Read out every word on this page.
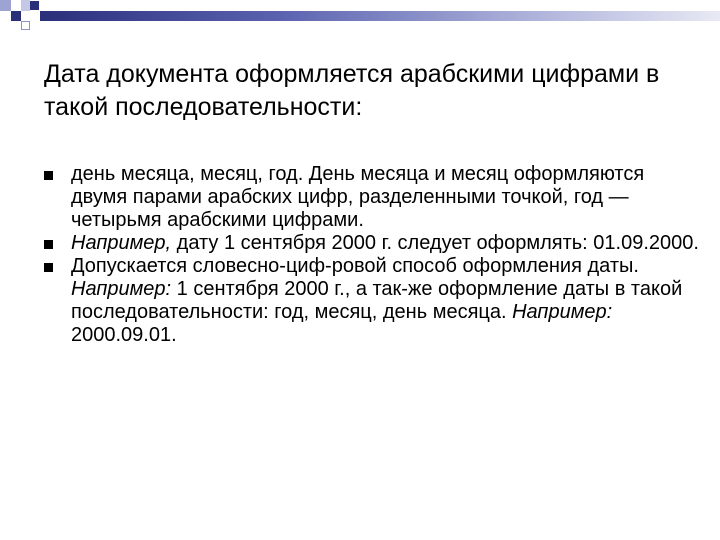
Дата документа оформляется арабскими цифрами в такой последовательности:
день месяца, месяц, год. День месяца и месяц оформляются двумя парами арабских цифр, разделенными точкой, год — четырьмя арабскими цифрами.
Например, дату 1 сентября 2000 г. следует оформлять: 01.09.2000.
Допускается словесно-циф-ровой способ оформления даты. Например: 1 сентября 2000 г., а так-же оформление даты в такой последовательности: год, месяц, день месяца. Например: 2000.09.01.
